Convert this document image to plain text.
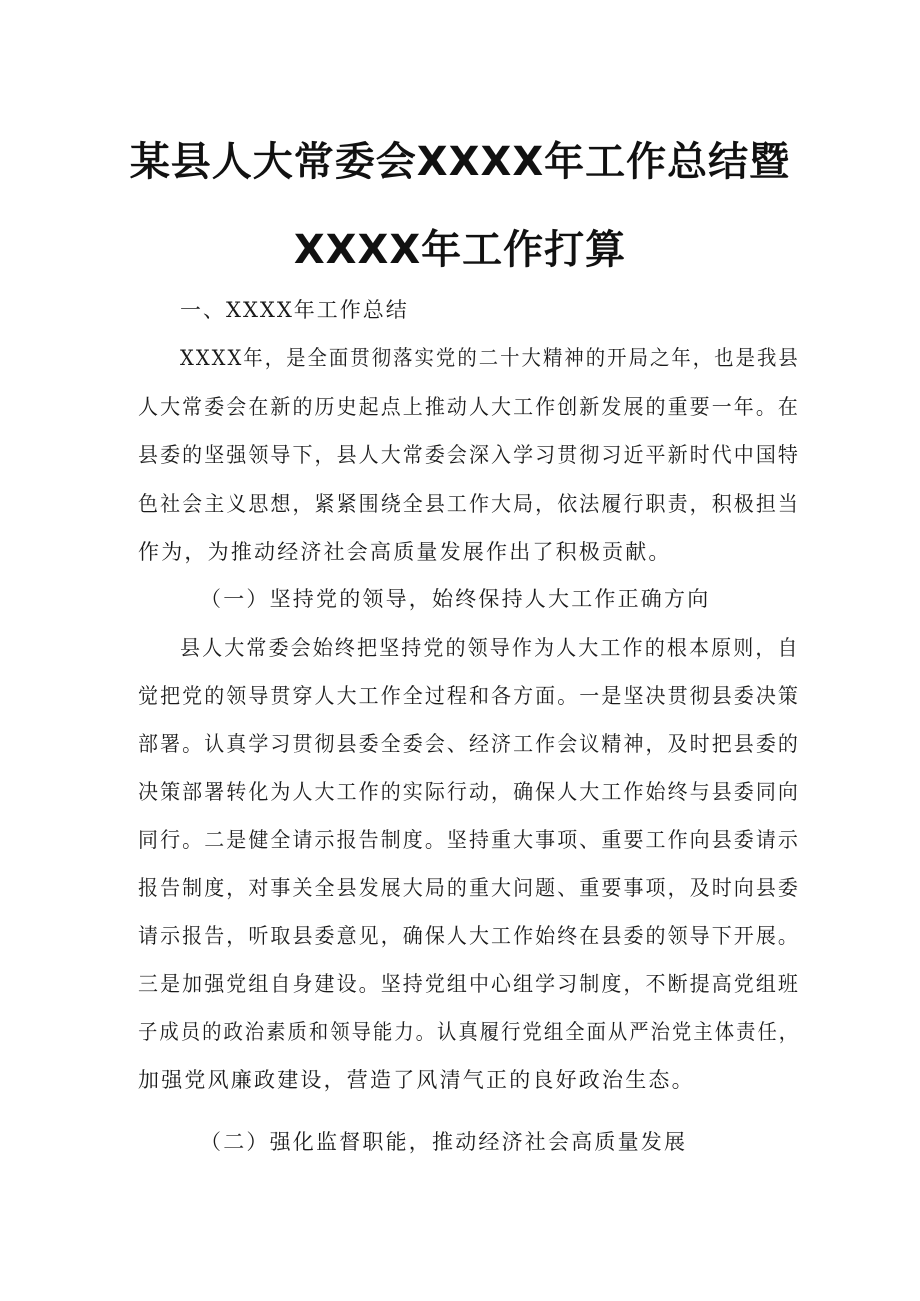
某县人大常委会XXXX年工作总结暨
XXXX年工作打算
一、XXXX年工作总结
XXXX年，是全面贯彻落实党的二十大精神的开局之年，也是我县
人大常委会在新的历史起点上推动人大工作创新发展的重要一年。在
县委的坚强领导下，县人大常委会深入学习贯彻习近平新时代中国特
色社会主义思想，紧紧围绕全县工作大局，依法履行职责，积极担当
作为，为推动经济社会高质量发展作出了积极贡献。
（一）坚持党的领导，始终保持人大工作正确方向
县人大常委会始终把坚持党的领导作为人大工作的根本原则，自
觉把党的领导贯穿人大工作全过程和各方面。一是坚决贯彻县委决策
部署。认真学习贯彻县委全委会、经济工作会议精神，及时把县委的
决策部署转化为人大工作的实际行动，确保人大工作始终与县委同向
同行。二是健全请示报告制度。坚持重大事项、重要工作向县委请示
报告制度，对事关全县发展大局的重大问题、重要事项，及时向县委
请示报告，听取县委意见，确保人大工作始终在县委的领导下开展。
三是加强党组自身建设。坚持党组中心组学习制度，不断提高党组班
子成员的政治素质和领导能力。认真履行党组全面从严治党主体责任，
加强党风廉政建设，营造了风清气正的良好政治生态。
（二）强化监督职能，推动经济社会高质量发展
